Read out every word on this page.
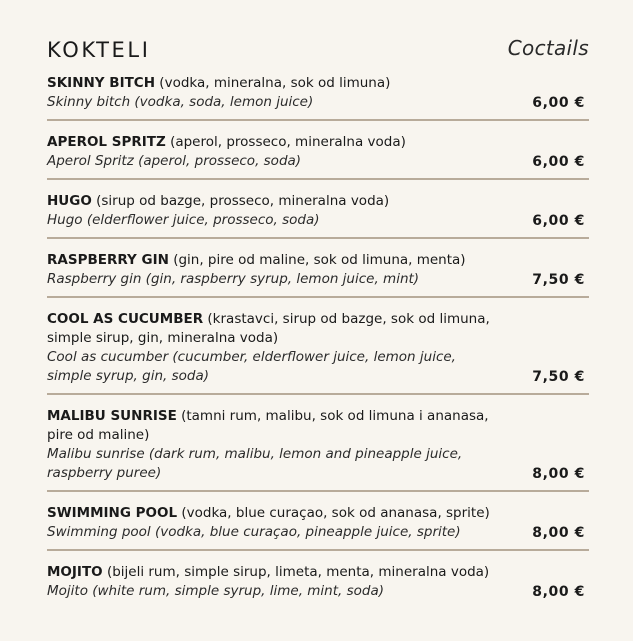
KOKTELI	Coctails
SKINNY BITCH (vodka, mineralna, sok od limuna)
Skinny bitch (vodka, soda, lemon juice)	6,00 €
APEROL SPRITZ (aperol, prosseco, mineralna voda)
Aperol Spritz (aperol, prosseco, soda)	6,00 €
HUGO (sirup od bazge, prosseco, mineralna voda)
Hugo (elderflower juice, prosseco, soda)	6,00 €
RASPBERRY GIN (gin, pire od maline, sok od limuna, menta)
Raspberry gin (gin, raspberry syrup, lemon juice, mint)	7,50 €
COOL AS CUCUMBER (krastavci, sirup od bazge, sok od limuna, simple sirup, gin, mineralna voda)
Cool as cucumber (cucumber, elderflower juice, lemon juice, simple syrup, gin, soda)	7,50 €
MALIBU SUNRISE (tamni rum, malibu, sok od limuna i ananasa, pire od maline)
Malibu sunrise (dark rum, malibu, lemon and pineapple juice, raspberry puree)	8,00 €
SWIMMING POOL (vodka, blue curaçao, sok od ananasa, sprite)
Swimming pool (vodka, blue curaçao, pineapple juice, sprite)	8,00 €
MOJITO (bijeli rum, simple sirup, limeta, menta, mineralna voda)
Mojito (white rum, simple syrup, lime, mint, soda)	8,00 €
